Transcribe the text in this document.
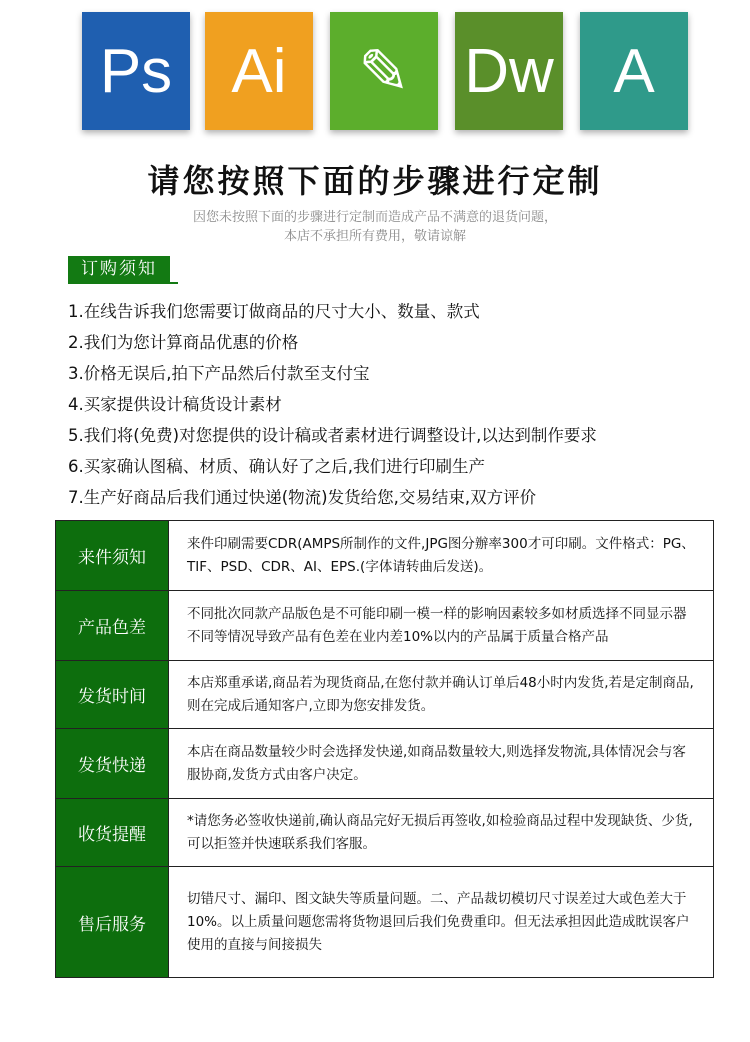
Ps Ai	✎ Dw A
请您按照下面的步骤进行定制
因您未按照下面的步骤进行定制而造成产品不满意的退货问题，
本店不承担所有费用，敬请谅解
订购须知
1.在线告诉我们您需要订做商品的尺寸大小、数量、款式
2.我们为您计算商品优惠的价格
3.价格无误后,拍下产品然后付款至支付宝
4.买家提供设计稿货设计素材
5.我们将(免费)对您提供的设计稿或者素材进行调整设计,以达到制作要求
6.买家确认图稿、材质、确认好了之后,我们进行印刷生产
7.生产好商品后我们通过快递(物流)发货给您,交易结束,双方评价
来件须知	来件印刷需要CDR(AMPS所制作的文件,JPG图分辦率300才可印刷。文件格式：PG、TIF、PSD、CDR、AI、EPS.(字体请转曲后发送)。
产品色差	不同批次同款产品版色是不可能印刷一模一样的影响因素较多如材质选择不同显示器不同等情况导致产品有色差在业内差10%以内的产品属于质量合格产品
发货时间	本店郑重承诺,商品若为现货商品,在您付款并确认订单后48小时内发货,若是定制商品,则在完成后通知客户,立即为您安排发货。
发货快递	本店在商品数量较少时会选择发快递,如商品数量较大,则选择发物流,具体情况会与客服协商,发货方式由客户决定。
收货提醒	*请您务必签收快递前,确认商品完好无损后再签收,如检验商品过程中发现缺货、少货,可以拒签并快速联系我们客服。
售后服务	切错尺寸、漏印、图文缺失等质量问题。二、产品裁切模切尺寸误差过大或色差大于10%。以上质量问题您需将货物退回后我们免费重印。但无法承担因此造成眈误客户使用的直接与间接损失
